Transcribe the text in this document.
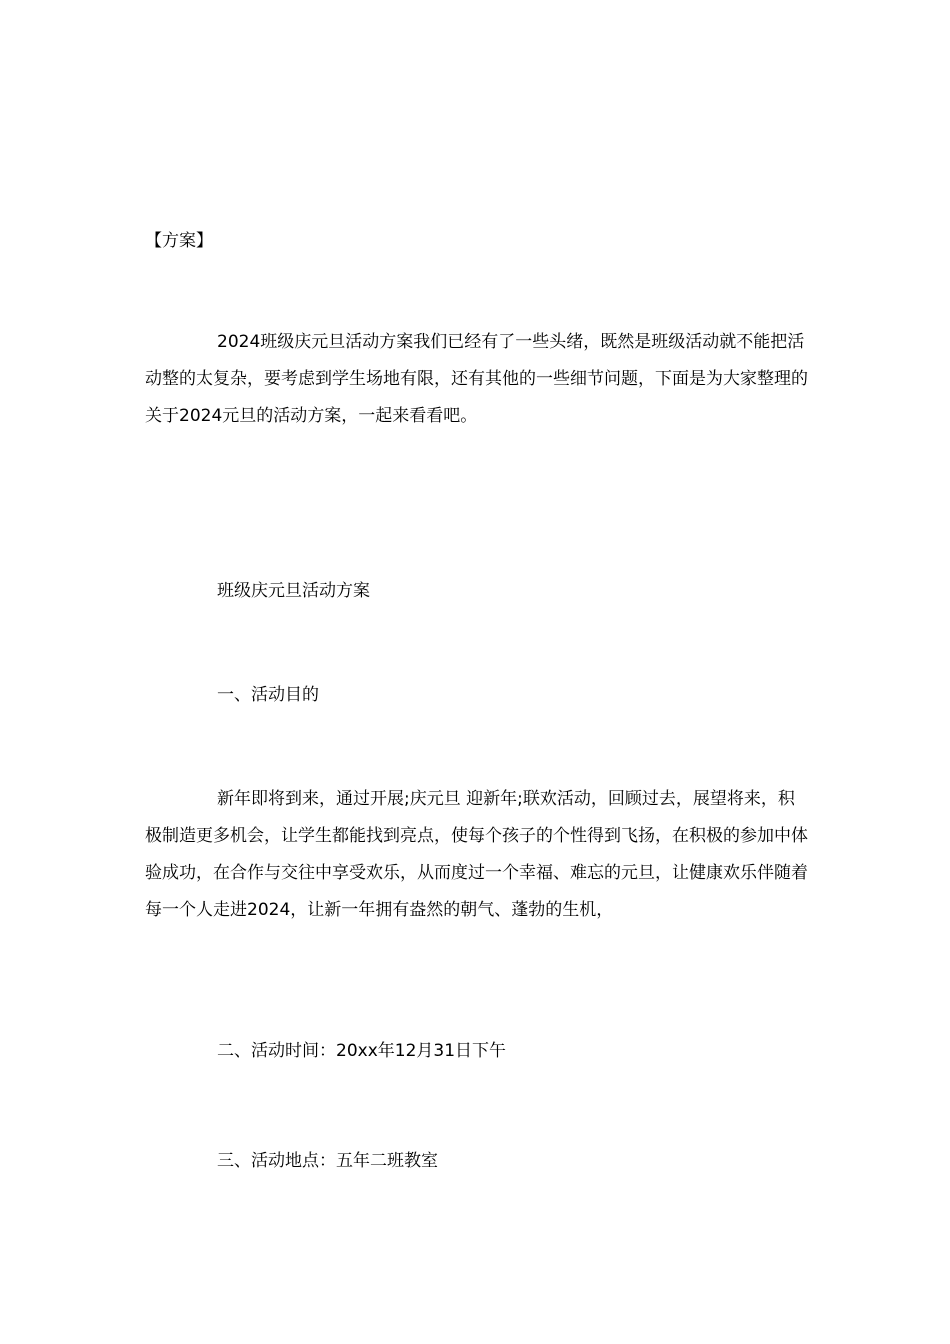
【方案】

2024班级庆元旦活动方案我们已经有了一些头绪，既然是班级活动就不能把活动整的太复杂，要考虑到学生场地有限，还有其他的一些细节问题，下面是为大家整理的关于2024元旦的活动方案，一起来看看吧。

班级庆元旦活动方案

一、活动目的

新年即将到来，通过开展;庆元旦 迎新年;联欢活动，回顾过去，展望将来，积极制造更多机会，让学生都能找到亮点，使每个孩子的个性得到飞扬，在积极的参加中体验成功，在合作与交往中享受欢乐，从而度过一个幸福、难忘的元旦，让健康欢乐伴随着每一个人走进2024，让新一年拥有盎然的朝气、蓬勃的生机，

二、活动时间：20xx年12月31日下午

三、活动地点：五年二班教室
